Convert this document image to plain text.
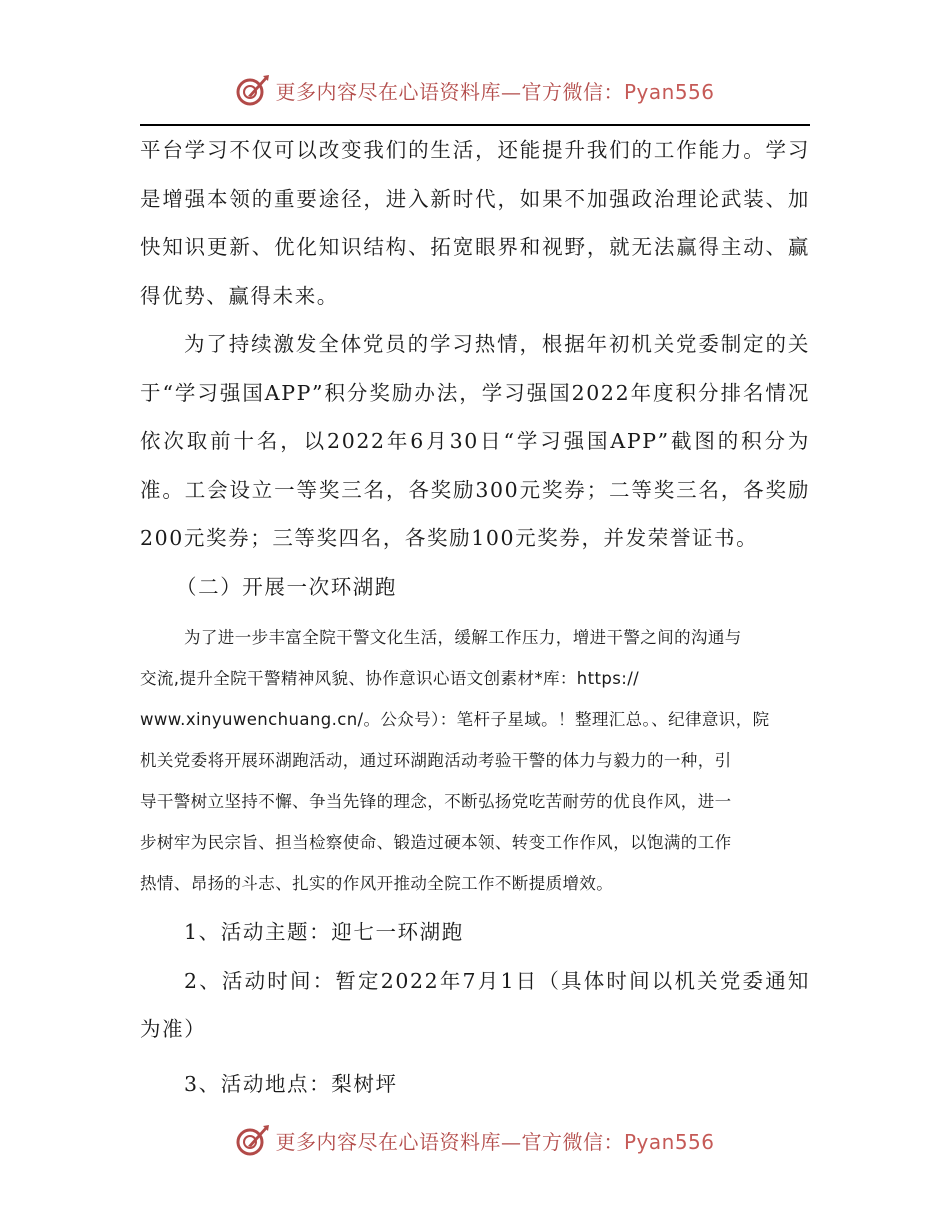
更多内容尽在心语资料库—官方微信：Pyan556

平台学习不仅可以改变我们的生活，还能提升我们的工作能力。学习是增强本领的重要途径，进入新时代，如果不加强政治理论武装、加快知识更新、优化知识结构、拓宽眼界和视野，就无法赢得主动、赢得优势、赢得未来。

为了持续激发全体党员的学习热情，根据年初机关党委制定的关于“学习强国APP”积分奖励办法，学习强国2022年度积分排名情况依次取前十名，以2022年6月30日“学习强国APP”截图的积分为准。工会设立一等奖三名，各奖励300元奖券；二等奖三名，各奖励200元奖券；三等奖四名，各奖励100元奖券，并发荣誉证书。

（二）开展一次环湖跑

为了进一步丰富全院干警文化生活，缓解工作压力，增进干警之间的沟通与

交流,提升全院干警精神风貌、协作意识心语文创素材*库：https://

www.xinyuwenchuang.cn/。公众号）：笔杆子星域。！整理汇总。、纪律意识，院

机关党委将开展环湖跑活动，通过环湖跑活动考验干警的体力与毅力的一种，引

导干警树立坚持不懈、争当先锋的理念，不断弘扬党吃苦耐劳的优良作风，进一

步树牢为民宗旨、担当检察使命、锻造过硬本领、转变工作作风，以饱满的工作

热情、昂扬的斗志、扎实的作风开推动全院工作不断提质增效。

1、活动主题：迎七一环湖跑

2、活动时间：暂定2022年7月1日（具体时间以机关党委通知为准）

3、活动地点：梨树坪

更多内容尽在心语资料库—官方微信：Pyan556
